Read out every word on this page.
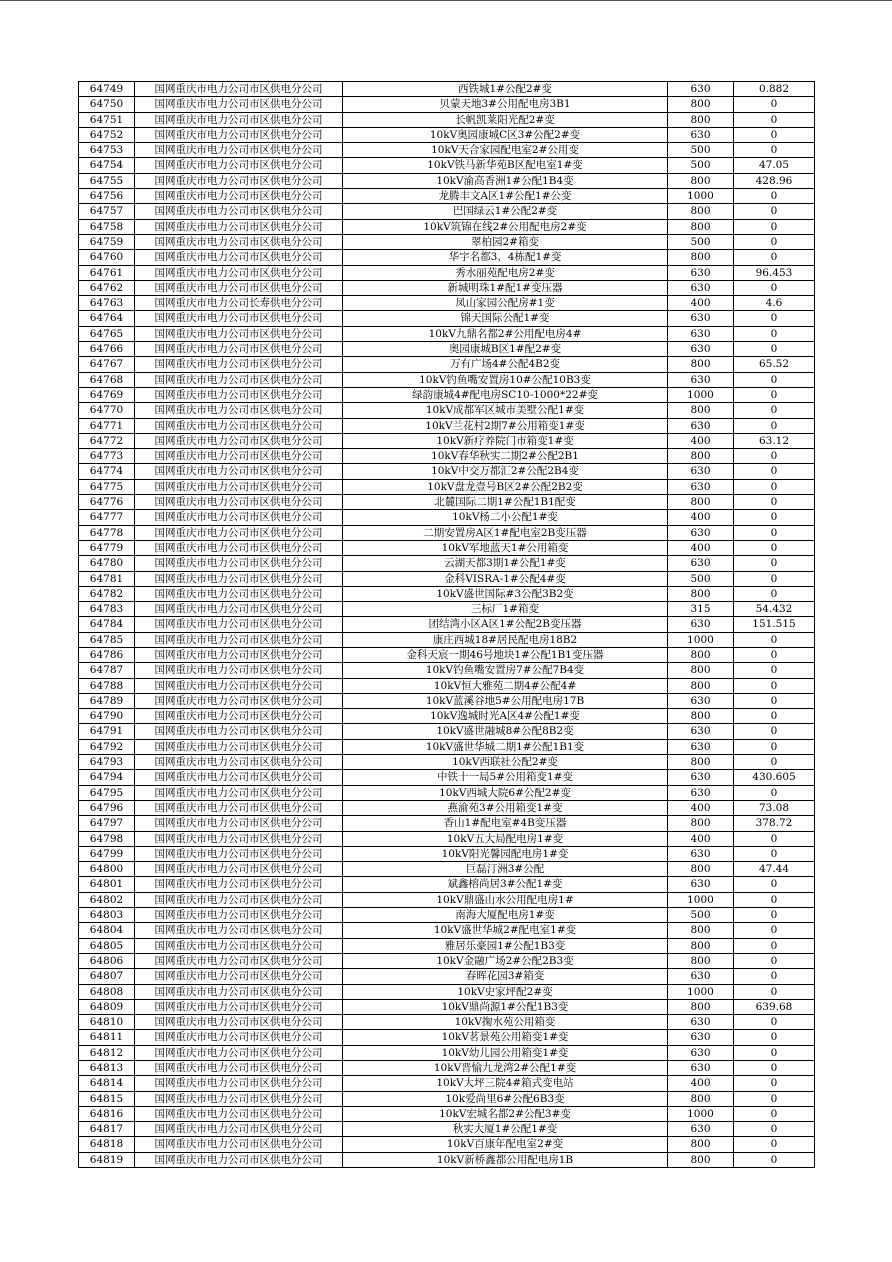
64749	国网重庆市电力公司市区供电分公司	西铁城1#公配2#变	630	0.882
64750	国网重庆市电力公司市区供电分公司	贝蒙天地3#公用配电房3B1	800	0
64751	国网重庆市电力公司市区供电分公司	长帆凯莱阳光配2#变	800	0
64752	国网重庆市电力公司市区供电分公司	10kV奥园康城C区3#公配2#变	630	0
64753	国网重庆市电力公司市区供电分公司	10kV天合家园配电室2#公用变	500	0
64754	国网重庆市电力公司市区供电分公司	10kV铁马新华苑B区配电室1#变	500	47.05
64755	国网重庆市电力公司市区供电分公司	10kV渝高香洲1#公配1B4变	800	428.96
64756	国网重庆市电力公司市区供电分公司	龙腾丰文A区1#公配1#公变	1000	0
64757	国网重庆市电力公司市区供电分公司	巴国绿云1#公配2#变	800	0
64758	国网重庆市电力公司市区供电分公司	10kV筑锦在线2#公用配电房2#变	800	0
64759	国网重庆市电力公司市区供电分公司	翠柏园2#箱变	500	0
64760	国网重庆市电力公司市区供电分公司	华宇名都3、4栋配1#变	800	0
64761	国网重庆市电力公司市区供电分公司	秀水丽苑配电房2#变	630	96.453
64762	国网重庆市电力公司市区供电分公司	新城明珠1#配1#变压器	630	0
64763	国网重庆市电力公司长寿供电分公司	凤山家园公配房#1变	400	4.6
64764	国网重庆市电力公司市区供电分公司	锦天国际公配1#变	630	0
64765	国网重庆市电力公司市区供电分公司	10kV九鼎名都2#公用配电房4#	630	0
64766	国网重庆市电力公司市区供电分公司	奥园康城B区1#配2#变	630	0
64767	国网重庆市电力公司市区供电分公司	万有广场4#公配4B2变	800	65.52
64768	国网重庆市电力公司市区供电分公司	10kV钓鱼嘴安置房10#公配10B3变	630	0
64769	国网重庆市电力公司市区供电分公司	绿韵康城4#配电房SC10-1000*22#变	1000	0
64770	国网重庆市电力公司市区供电分公司	10kV成都军区城市美墅公配1#变	800	0
64771	国网重庆市电力公司市区供电分公司	10kV兰花村2期7#公用箱变1#变	630	0
64772	国网重庆市电力公司市区供电分公司	10kV新疗养院门市箱变1#变	400	63.12
64773	国网重庆市电力公司市区供电分公司	10kV春华秋实二期2#公配2B1	800	0
64774	国网重庆市电力公司市区供电分公司	10kV中交万都汇2#公配2B4变	630	0
64775	国网重庆市电力公司市区供电分公司	10kV盘龙壹号B区2#公配2B2变	630	0
64776	国网重庆市电力公司市区供电分公司	北麓国际二期1#公配1B1配变	800	0
64777	国网重庆市电力公司市区供电分公司	10kV杨二小公配1#变	400	0
64778	国网重庆市电力公司市区供电分公司	二期安置房A区1#配电室2B变压器	630	0
64779	国网重庆市电力公司市区供电分公司	10kV军地蓝天1#公用箱变	400	0
64780	国网重庆市电力公司市区供电分公司	云湖天都3期1#公配1#变	630	0
64781	国网重庆市电力公司市区供电分公司	金科VISRA-1#公配4#变	500	0
64782	国网重庆市电力公司市区供电分公司	10kV盛世国际#3公配3B2变	800	0
64783	国网重庆市电力公司市区供电分公司	三标厂1#箱变	315	54.432
64784	国网重庆市电力公司市区供电分公司	团结湾小区A区1#公配2B变压器	630	151.515
64785	国网重庆市电力公司市区供电分公司	康庄西城18#居民配电房18B2	1000	0
64786	国网重庆市电力公司市区供电分公司	金科天宸一期46号地块1#公配1B1变压器	800	0
64787	国网重庆市电力公司市区供电分公司	10kV钓鱼嘴安置房7#公配7B4变	800	0
64788	国网重庆市电力公司市区供电分公司	10kV恒大雅苑二期4#公配4#	800	0
64789	国网重庆市电力公司市区供电分公司	10kV蓝溪谷地5#公用配电房17B	630	0
64790	国网重庆市电力公司市区供电分公司	10kV逸城时光A区4#公配1#变	800	0
64791	国网重庆市电力公司市区供电分公司	10kV盛世融城8#公配8B2变	630	0
64792	国网重庆市电力公司市区供电分公司	10kV盛世华城二期1#公配1B1变	630	0
64793	国网重庆市电力公司市区供电分公司	10kV西联社公配2#变	800	0
64794	国网重庆市电力公司市区供电分公司	中铁十一局5#公用箱变1#变	630	430.605
64795	国网重庆市电力公司市区供电分公司	10kV西城大院6#公配2#变	630	0
64796	国网重庆市电力公司市区供电分公司	燕渝苑3#公用箱变1#变	400	73.08
64797	国网重庆市电力公司市区供电分公司	香山1#配电室#4B变压器	800	378.72
64798	国网重庆市电力公司市区供电分公司	10kV五大局配电房1#变	400	0
64799	国网重庆市电力公司市区供电分公司	10kV阳光馨园配电房1#变	630	0
64800	国网重庆市电力公司市区供电分公司	巨磊汀洲3#公配	800	47.44
64801	国网重庆市电力公司市区供电分公司	斌鑫榕尚居3#公配1#变	630	0
64802	国网重庆市电力公司市区供电分公司	10kV鼎盛山水公用配电房1#	1000	0
64803	国网重庆市电力公司市区供电分公司	南海大厦配电房1#变	500	0
64804	国网重庆市电力公司市区供电分公司	10kV盛世华城2#配电室1#变	800	0
64805	国网重庆市电力公司市区供电分公司	雅居乐豪园1#公配1B3变	800	0
64806	国网重庆市电力公司市区供电分公司	10kV金融广场2#公配2B3变	800	0
64807	国网重庆市电力公司市区供电分公司	春晖花园3#箱变	630	0
64808	国网重庆市电力公司市区供电分公司	10kV史家坪配2#变	1000	0
64809	国网重庆市电力公司市区供电分公司	10kV鼎尚源1#公配1B3变	800	639.68
64810	国网重庆市电力公司市区供电分公司	10kV掬水苑公用箱变	630	0
64811	国网重庆市电力公司市区供电分公司	10kV茗景苑公用箱变1#变	630	0
64812	国网重庆市电力公司市区供电分公司	10kV幼儿园公用箱变1#变	630	0
64813	国网重庆市电力公司市区供电分公司	10kV晋愉九龙湾2#公配1#变	630	0
64814	国网重庆市电力公司市区供电分公司	10kV大坪三院4#箱式变电站	400	0
64815	国网重庆市电力公司市区供电分公司	10k爱尚里6#公配6B3变	800	0
64816	国网重庆市电力公司市区供电分公司	10kV宏城名都2#公配3#变	1000	0
64817	国网重庆市电力公司市区供电分公司	秋实大厦1#公配1#变	630	0
64818	国网重庆市电力公司市区供电分公司	10kV百康年配电室2#变	800	0
64819	国网重庆市电力公司市区供电分公司	10kV新桥鑫都公用配电房1B	800	0
